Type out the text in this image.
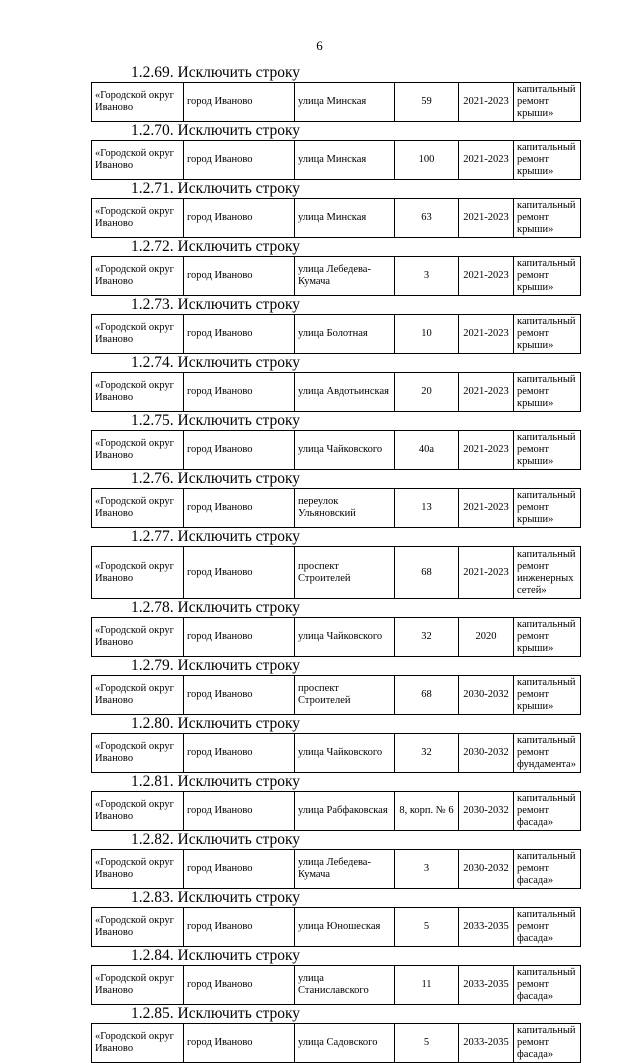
6
1.2.69. Исключить строку
«Городской округ Иваново	город Иваново	улица Минская	59	2021-2023	капитальный ремонт крыши»
1.2.70. Исключить строку
«Городской округ Иваново	город Иваново	улица Минская	100	2021-2023	капитальный ремонт крыши»
1.2.71. Исключить строку
«Городской округ Иваново	город Иваново	улица Минская	63	2021-2023	капитальный ремонт крыши»
1.2.72. Исключить строку
«Городской округ Иваново	город Иваново	улица Лебедева-Кумача	3	2021-2023	капитальный ремонт крыши»
1.2.73. Исключить строку
«Городской округ Иваново	город Иваново	улица Болотная	10	2021-2023	капитальный ремонт крыши»
1.2.74. Исключить строку
«Городской округ Иваново	город Иваново	улица Авдотьинская	20	2021-2023	капитальный ремонт крыши»
1.2.75. Исключить строку
«Городской округ Иваново	город Иваново	улица Чайковского	40а	2021-2023	капитальный ремонт крыши»
1.2.76. Исключить строку
«Городской округ Иваново	город Иваново	переулок Ульяновский	13	2021-2023	капитальный ремонт крыши»
1.2.77. Исключить строку
«Городской округ Иваново	город Иваново	проспект Строителей	68	2021-2023	капитальный ремонт инженерных сетей»
1.2.78. Исключить строку
«Городской округ Иваново	город Иваново	улица Чайковского	32	2020	капитальный ремонт крыши»
1.2.79. Исключить строку
«Городской округ Иваново	город Иваново	проспект Строителей	68	2030-2032	капитальный ремонт крыши»
1.2.80. Исключить строку
«Городской округ Иваново	город Иваново	улица Чайковского	32	2030-2032	капитальный ремонт фундамента»
1.2.81. Исключить строку
«Городской округ Иваново	город Иваново	улица Рабфаковская	8, корп. № 6	2030-2032	капитальный ремонт фасада»
1.2.82. Исключить строку
«Городской округ Иваново	город Иваново	улица Лебедева-Кумача	3	2030-2032	капитальный ремонт фасада»
1.2.83. Исключить строку
«Городской округ Иваново	город Иваново	улица Юношеская	5	2033-2035	капитальный ремонт фасада»
1.2.84. Исключить строку
«Городской округ Иваново	город Иваново	улица Станиславского	11	2033-2035	капитальный ремонт фасада»
1.2.85. Исключить строку
«Городской округ Иваново	город Иваново	улица Садовского	5	2033-2035	капитальный ремонт фасада»
